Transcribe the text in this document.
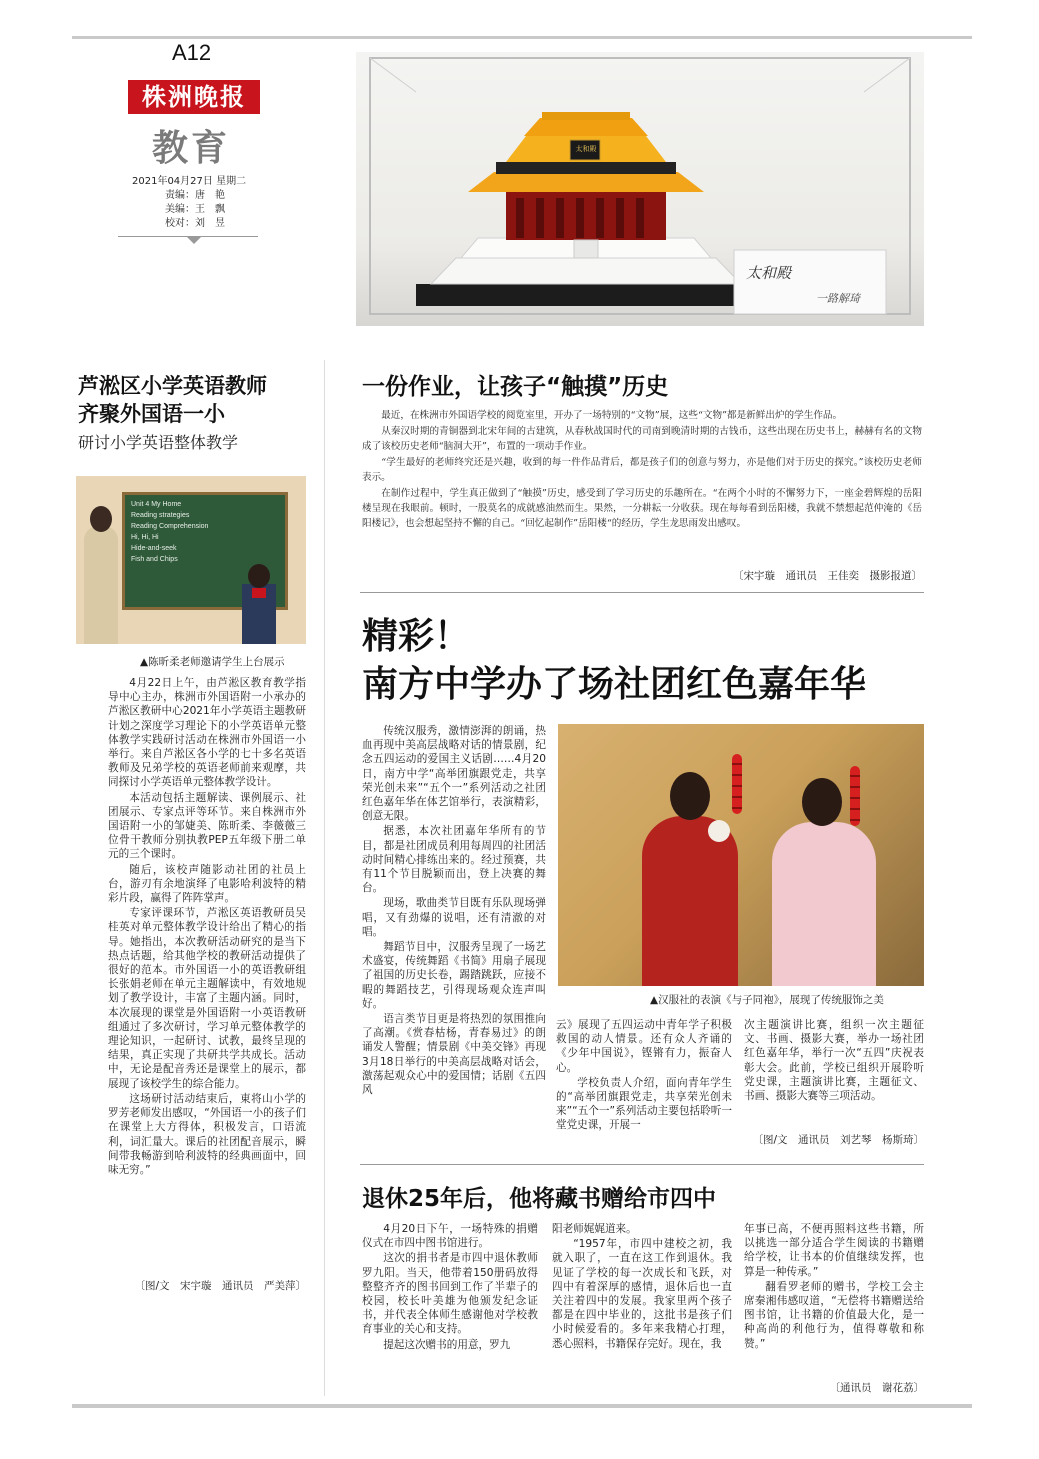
A12
株洲晚报
教育
2021年04月27日 星期二
责编：唐　艳
美编：王　飘
校对：刘　昱
太和殿
太和殿
一路解琦
芦淞区小学英语教师
齐聚外国语一小
研讨小学英语整体教学
Unit 4 My Home
Reading strategies
Reading Comprehension
Hi, Hi, Hi
Hide-and-seek
Fish and Chips
▲陈昕柔老师邀请学生上台展示

4月22日上午，由芦淞区教育教学指导中心主办，株洲市外国语附一小承办的芦淞区教研中心2021年小学英语主题教研计划之深度学习理论下的小学英语单元整体教学实践研讨活动在株洲市外国语一小举行。来自芦淞区各小学的七十多名英语教师及兄弟学校的英语老师前来观摩，共同探讨小学英语单元整体教学设计。

本活动包括主题解读、课例展示、社团展示、专家点评等环节。来自株洲市外国语附一小的邹婕美、陈昕柔、李薇薇三位骨干教师分别执教PEP五年级下册二单元的三个课时。

随后，该校声随影动社团的社员上台，游刃有余地演绎了电影哈利波特的精彩片段，赢得了阵阵掌声。

专家评课环节，芦淞区英语教研员吴桂英对单元整体教学设计给出了精心的指导。她指出，本次教研活动研究的是当下热点话题，给其他学校的教研活动提供了很好的范本。市外国语一小的英语教研组长张娟老师在单元主题解读中，有效地规划了教学设计，丰富了主题内涵。同时，本次展现的课堂是外国语附一小英语教研组通过了多次研讨，学习单元整体教学的理论知识，一起研讨、试教，最终呈现的结果，真正实现了共研共学共成长。活动中，无论是配音秀还是课堂上的展示，都展现了该校学生的综合能力。

这场研讨活动结束后，東将山小学的罗芳老师发出感叹，“外国语一小的孩子们在课堂上大方得体，积极发言，口语流利，词汇量大。课后的社团配音展示，瞬间带我畅游到哈利波特的经典画面中，回味无穷。”

〔图/文　宋宇璇　通讯员　严美萍〕
一份作业，让孩子“触摸”历史

最近，在株洲市外国语学校的阅览室里，开办了一场特别的“文物”展，这些“文物”都是新鲜出炉的学生作品。

从秦汉时期的青铜器到北宋年间的古建筑，从春秋战国时代的司南到晚清时期的古钱币，这些出现在历史书上，赫赫有名的文物成了该校历史老师“脑洞大开”，布置的一项动手作业。

“学生最好的老师终究还是兴趣，收到的每一件作品背后，都是孩子们的创意与努力，亦是他们对于历史的探究。”该校历史老师表示。

在制作过程中，学生真正做到了“触摸”历史，感受到了学习历史的乐趣所在。“在两个小时的不懈努力下，一座金碧辉煌的岳阳楼呈现在我眼前。顿时，一股莫名的成就感油然而生。果然，一分耕耘一分收获。现在每每看到岳阳楼，我就不禁想起范仲淹的《岳阳楼记》，也会想起坚持不懈的自己。“回忆起制作”岳阳楼“的经历，学生龙思雨发出感叹。

〔宋宇璇　通讯员　王佳奕　摄影报道〕
精彩！
南方中学办了场社团红色嘉年华
▲汉服社的表演《与子同袍》，展现了传统服饰之美

传统汉服秀，激情澎湃的朗诵，热血再现中美高层战略对话的情景剧，纪念五四运动的爱国主义话剧……4月20日，南方中学“高举团旗跟党走，共享荣光创未来”“五个一”系列活动之社团红色嘉年华在体艺馆举行，表演精彩，创意无限。

据悉，本次社团嘉年华所有的节目，都是社团成员利用每周四的社团活动时间精心排练出来的。经过预赛，共有11个节目脱颖而出，登上决赛的舞台。

现场，歌曲类节目既有乐队现场弹唱，又有劲爆的说唱，还有清澈的对唱。

舞蹈节目中，汉服秀呈现了一场艺术盛宴，传统舞蹈《书简》用扇子展现了祖国的历史长卷，踢踏跳跃，应接不暇的舞蹈技艺，引得现场观众连声叫好。

语言类节目更是将热烈的氛围推向了高潮。《赏春枯杨，青春易过》的朗诵发人警醒；情景剧《中美交锋》再现3月18日举行的中美高层战略对话会，激荡起观众心中的爱国情；话剧《五四风

云》展现了五四运动中青年学子积极救国的动人情景。还有众人齐诵的《少年中国说》，铿锵有力，振奋人心。

学校负责人介绍，面向青年学生的“高举团旗跟党走，共享荣光创未来”“五个一”系列活动主要包括聆听一堂党史课，开展一

次主题演讲比赛，组织一次主题征文、书画、摄影大赛，举办一场社团红色嘉年华，举行一次“五四”庆祝表彰大会。此前，学校已组织开展聆听党史课，主题演讲比赛，主题征文、书画、摄影大赛等三项活动。

〔图/文　通讯员　刘艺琴　杨斯琦〕
退休25年后，他将藏书赠给市四中

4月20日下午，一场特殊的捐赠仪式在市四中图书馆进行。

这次的捐书者是市四中退休教师罗九阳。当天，他带着150册码放得整整齐齐的图书回到工作了半辈子的校园，校长叶美雄为他颁发纪念证书，并代表全体师生感谢他对学校教育事业的关心和支持。

提起这次赠书的用意，罗九

阳老师娓娓道来。

“1957年，市四中建校之初，我就入职了，一直在这工作到退休。我见证了学校的每一次成长和飞跃，对四中有着深厚的感情，退休后也一直关注着四中的发展。我家里两个孩子都是在四中毕业的，这批书是孩子们小时候爱看的。多年来我精心打理，悉心照料，书籍保存完好。现在，我

年事已高，不便再照料这些书籍，所以挑选一部分适合学生阅读的书籍赠给学校，让书本的价值继续发挥，也算是一种传承。”

翻看罗老师的赠书，学校工会主席秦湘伟感叹道，“无偿将书籍赠送给图书馆，让书籍的价值最大化，是一种高尚的利他行为，值得尊敬和称赞。”

〔通讯员　谢花荔〕
